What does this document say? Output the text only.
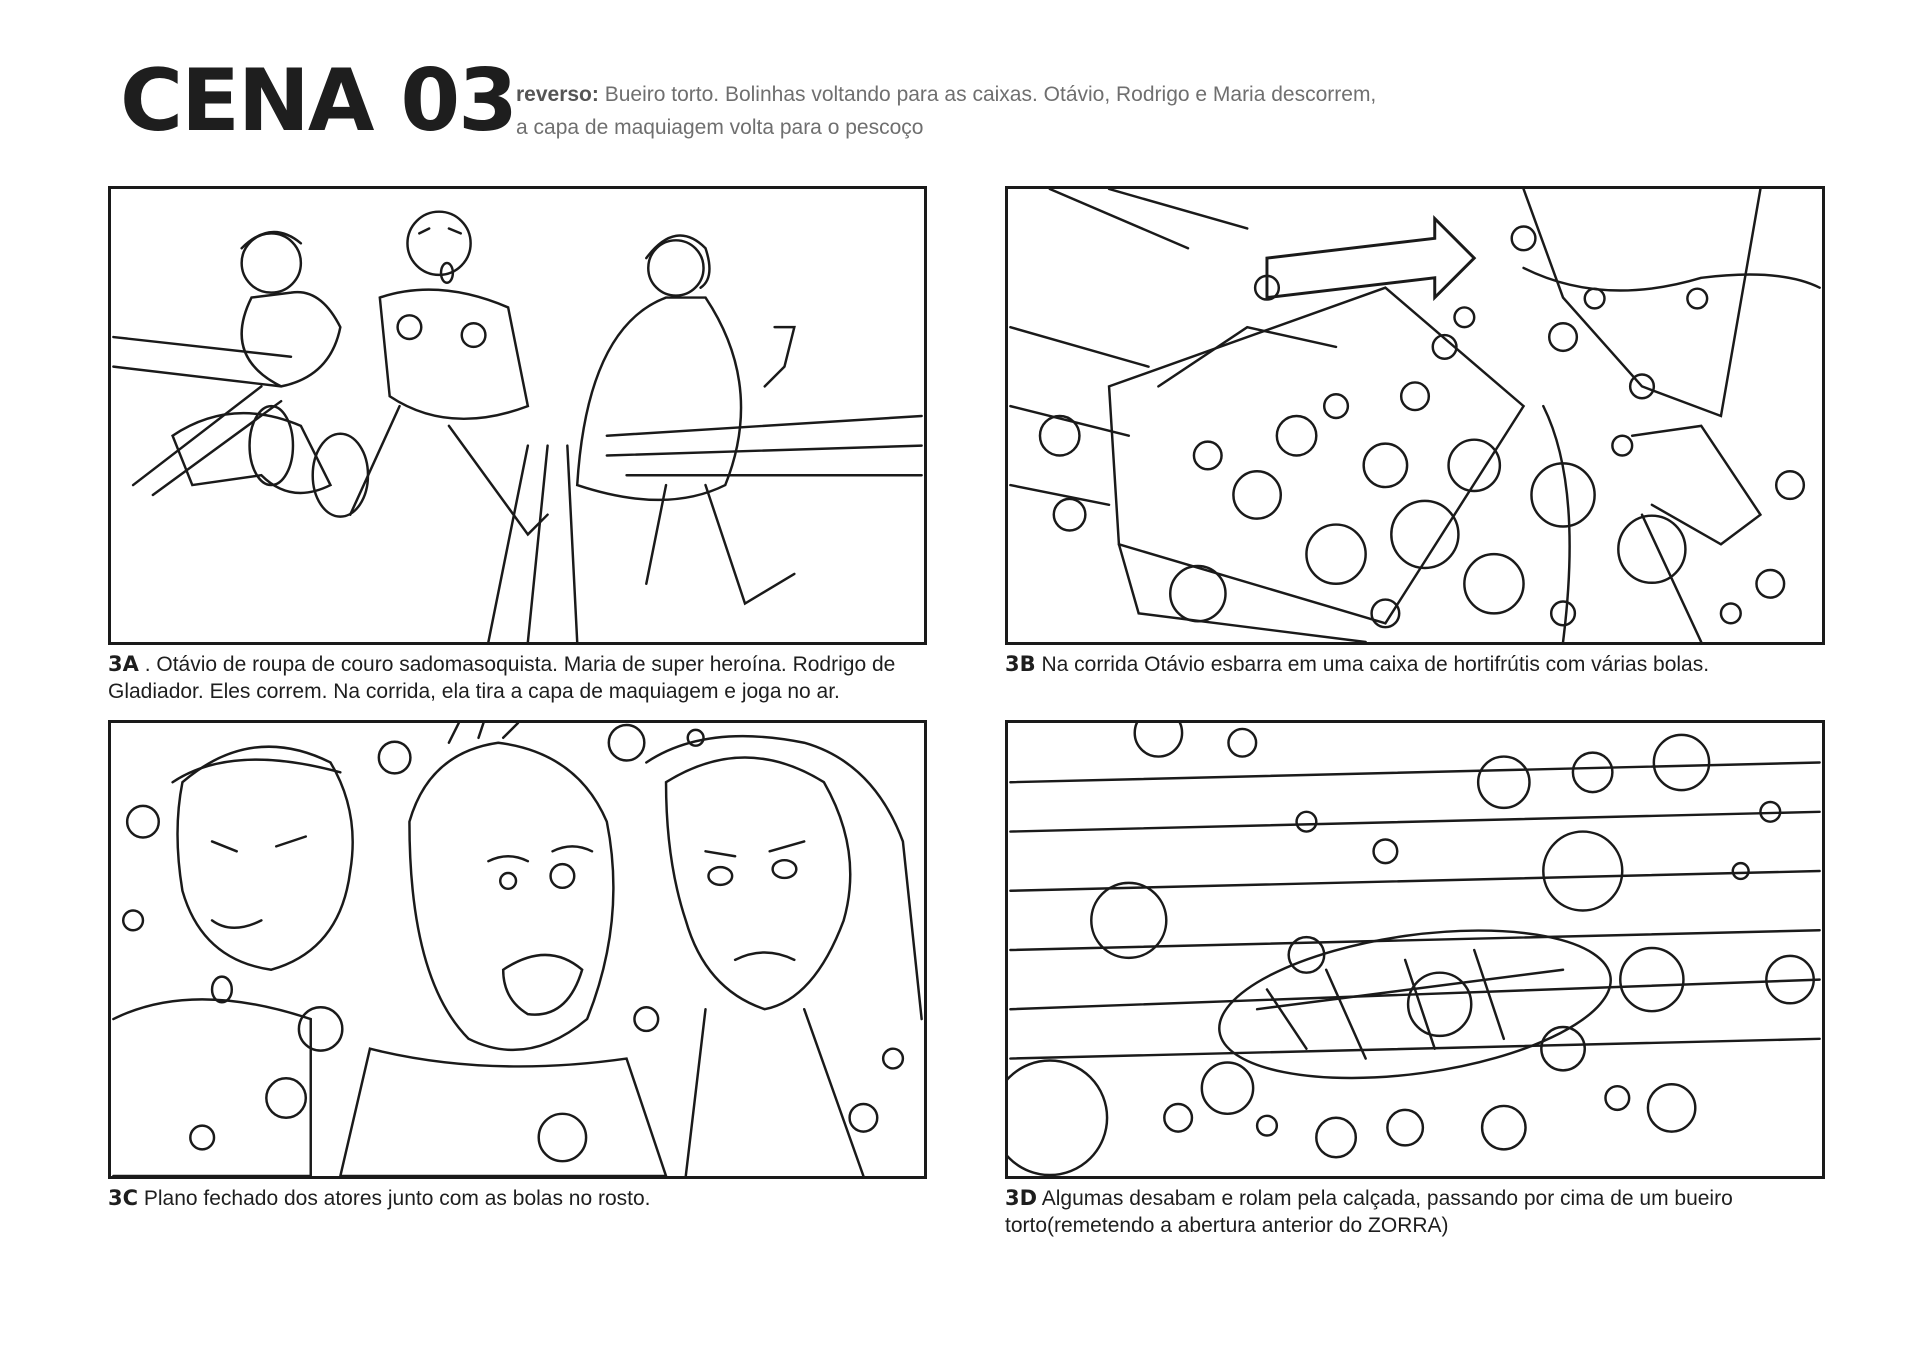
CENA 03 reverso: Bueiro torto. Bolinhas voltando para as caixas. Otávio, Rodrigo e Maria descorrem,
a capa de maquiagem volta para o pescoço
3A . Otávio de roupa de couro sadomasoquista. Maria de super heroína. Rodrigo de Gladiador. Eles correm. Na corrida, ela tira a capa de maquiagem e joga no ar.
3B Na corrida Otávio esbarra em uma caixa de hortifrútis com várias bolas.
3C Plano fechado dos atores junto com as bolas no rosto.	3D Algumas desabam e rolam pela calçada, passando por cima de um bueiro torto(remetendo a abertura anterior do ZORRA)
